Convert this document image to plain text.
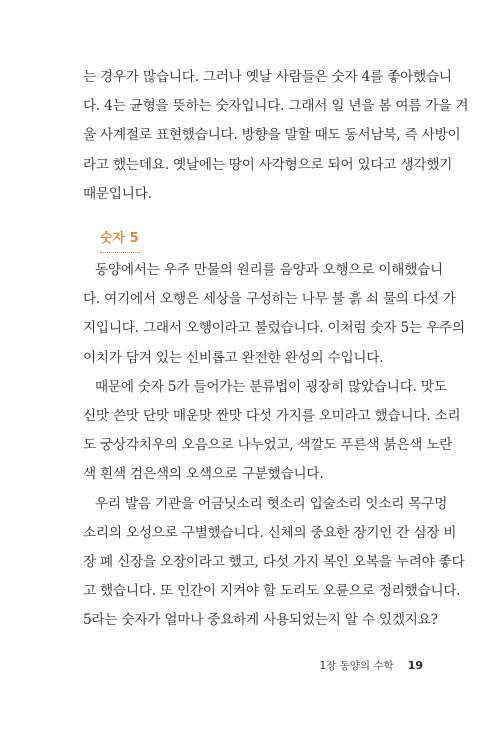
는 경우가 많습니다. 그러나 옛날 사람들은 숫자 4를 좋아했습니
다. 4는 균형을 뜻하는 숫자입니다. 그래서 일 년을 봄 여름 가을 겨
울 사계절로 표현했습니다. 방향을 말할 때도 동서남북, 즉 사방이
라고 했는데요. 옛날에는 땅이 사각형으로 되어 있다고 생각했기
때문입니다.
숫자 5
동양에서는 우주 만물의 원리를 음양과 오행으로 이해했습니
다. 여기에서 오행은 세상을 구성하는 나무 불 흙 쇠 물의 다섯 가
지입니다. 그래서 오행이라고 불렀습니다. 이처럼 숫자 5는 우주의
이치가 담겨 있는 신비롭고 완전한 완성의 수입니다.
때문에 숫자 5가 들어가는 분류법이 굉장히 많았습니다. 맛도
신맛 쓴맛 단맛 매운맛 짠맛 다섯 가지를 오미라고 했습니다. 소리
도 궁상각치우의 오음으로 나누었고, 색깔도 푸른색 붉은색 노란
색 흰색 검은색의 오색으로 구분했습니다.
우리 발음 기관을 어금닛소리 혓소리 입술소리 잇소리 목구멍
소리의 오성으로 구별했습니다. 신체의 중요한 장기인 간 심장 비
장 폐 신장을 오장이라고 했고, 다섯 가지 복인 오복을 누려야 좋다
고 했습니다. 또 인간이 지켜야 할 도리도 오륜으로 정리했습니다.
5라는 숫자가 얼마나 중요하게 사용되었는지 알 수 있겠지요?
1장 동양의 수학 19
